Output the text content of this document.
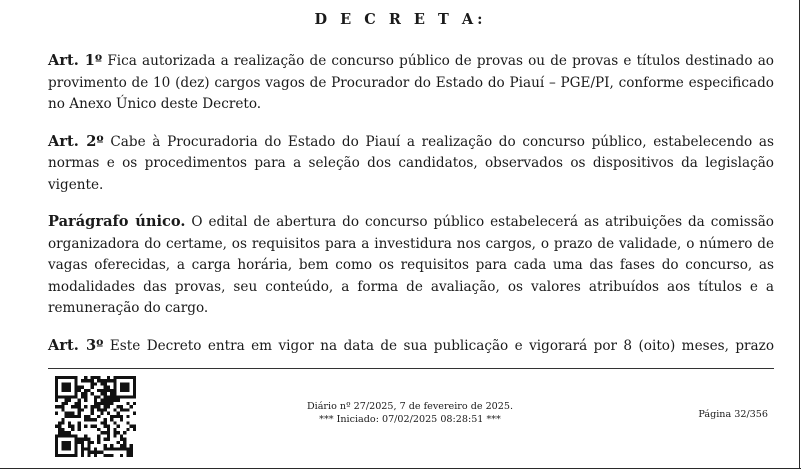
D E C R E T A:

Art. 1º Fica autorizada a realização de concurso público de provas ou de provas e títulos destinado ao provimento de 10 (dez) cargos vagos de Procurador do Estado do Piauí – PGE/PI, conforme especificado no Anexo Único deste Decreto.

Art. 2º Cabe à Procuradoria do Estado do Piauí a realização do concurso público, estabelecendo as normas e os procedimentos para a seleção dos candidatos, observados os dispositivos da legislação vigente.

Parágrafo único. O edital de abertura do concurso público estabelecerá as atribuições da comissão organizadora do certame, os requisitos para a investidura nos cargos, o prazo de validade, o número de vagas oferecidas, a carga horária, bem como os requisitos para cada uma das fases do concurso, as modalidades das provas, seu conteúdo, a forma de avaliação, os valores atribuídos aos títulos e a remuneração do cargo.

Art. 3º Este Decreto entra em vigor na data de sua publicação e vigorará por 8 (oito) meses, prazo

Diário nº 27/2025, 7 de fevereiro de 2025.
*** Iniciado: 07/02/2025 08:28:51 ***	Página 32/356
